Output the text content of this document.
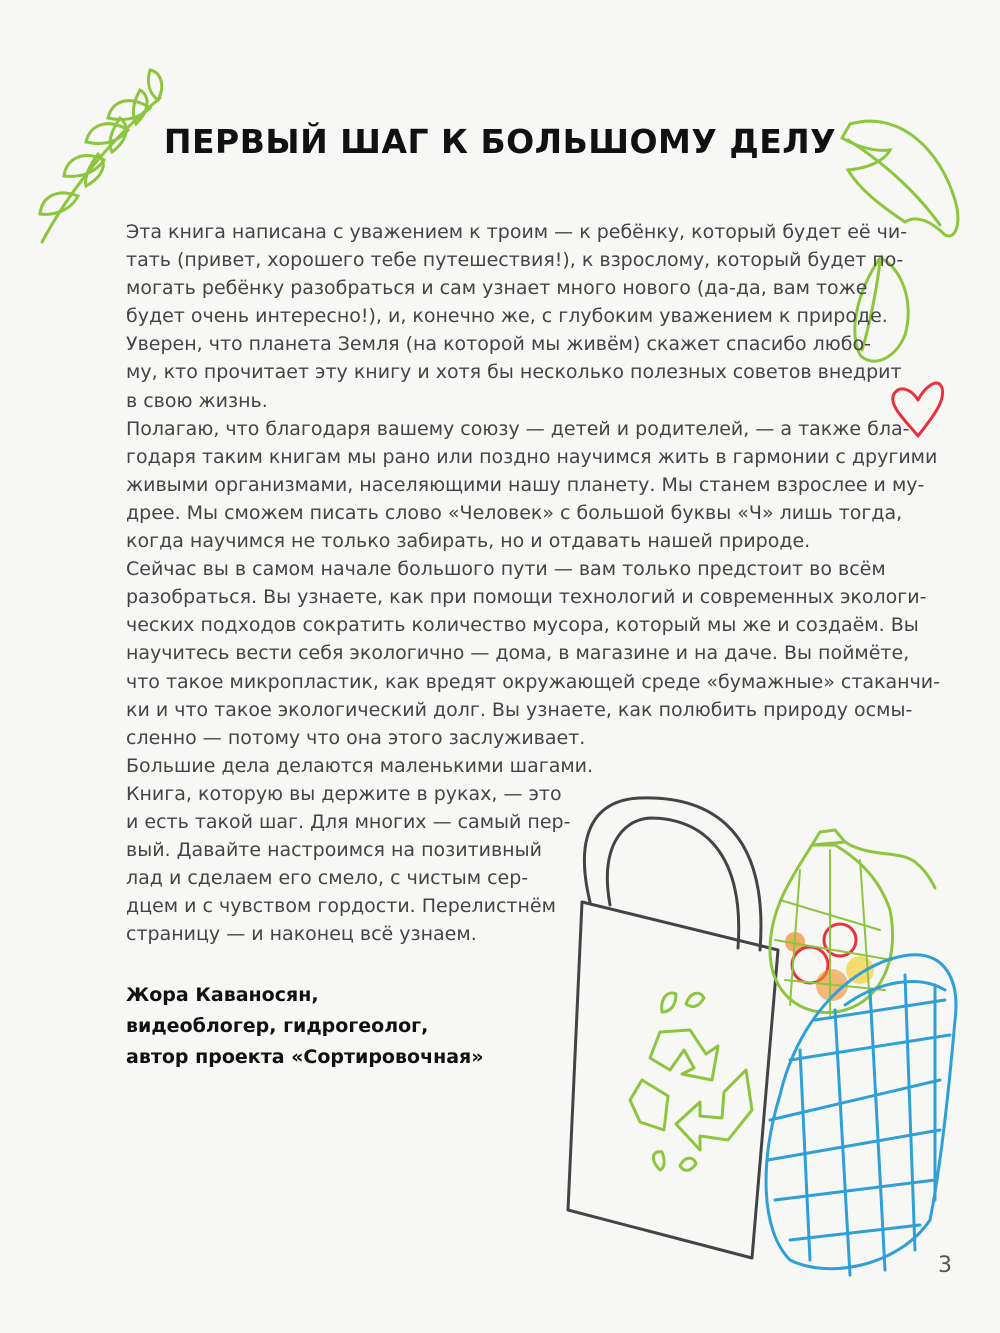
ПЕРВЫЙ ШАГ К БОЛЬШОМУ ДЕЛУ
Эта книга написана с уважением к троим — к ребёнку, который будет её чи-
тать (привет, хорошего тебе путешествия!), к взрослому, который будет по-
могать ребёнку разобраться и сам узнает много нового (да-да, вам тоже
будет очень интересно!), и, конечно же, с глубоким уважением к природе.
Уверен, что планета Земля (на которой мы живём) скажет спасибо любо-
му, кто прочитает эту книгу и хотя бы несколько полезных советов внедрит
в свою жизнь.
Полагаю, что благодаря вашему союзу — детей и родителей, — а также бла-
годаря таким книгам мы рано или поздно научимся жить в гармонии с другими
живыми организмами, населяющими нашу планету. Мы станем взрослее и му-
дрее. Мы сможем писать слово «Человек» с большой буквы «Ч» лишь тогда,
когда научимся не только забирать, но и отдавать нашей природе.
Сейчас вы в самом начале большого пути — вам только предстоит во всём
разобраться. Вы узнаете, как при помощи технологий и современных экологи-
ческих подходов сократить количество мусора, который мы же и создаём. Вы
научитесь вести себя экологично — дома, в магазине и на даче. Вы поймёте,
что такое микропластик, как вредят окружающей среде «бумажные» стаканчи-
ки и что такое экологический долг. Вы узнаете, как полюбить природу осмы-
сленно — потому что она этого заслуживает.
Большие дела делаются маленькими шагами.
Книга, которую вы держите в руках, — это
и есть такой шаг. Для многих — самый пер-
вый. Давайте настроимся на позитивный
лад и сделаем его смело, с чистым сер-
дцем и с чувством гордости. Перелистнём
страницу — и наконец всё узнаем.
Жора Каваносян,
видеоблогер, гидрогеолог,
автор проекта «Сортировочная»
3
